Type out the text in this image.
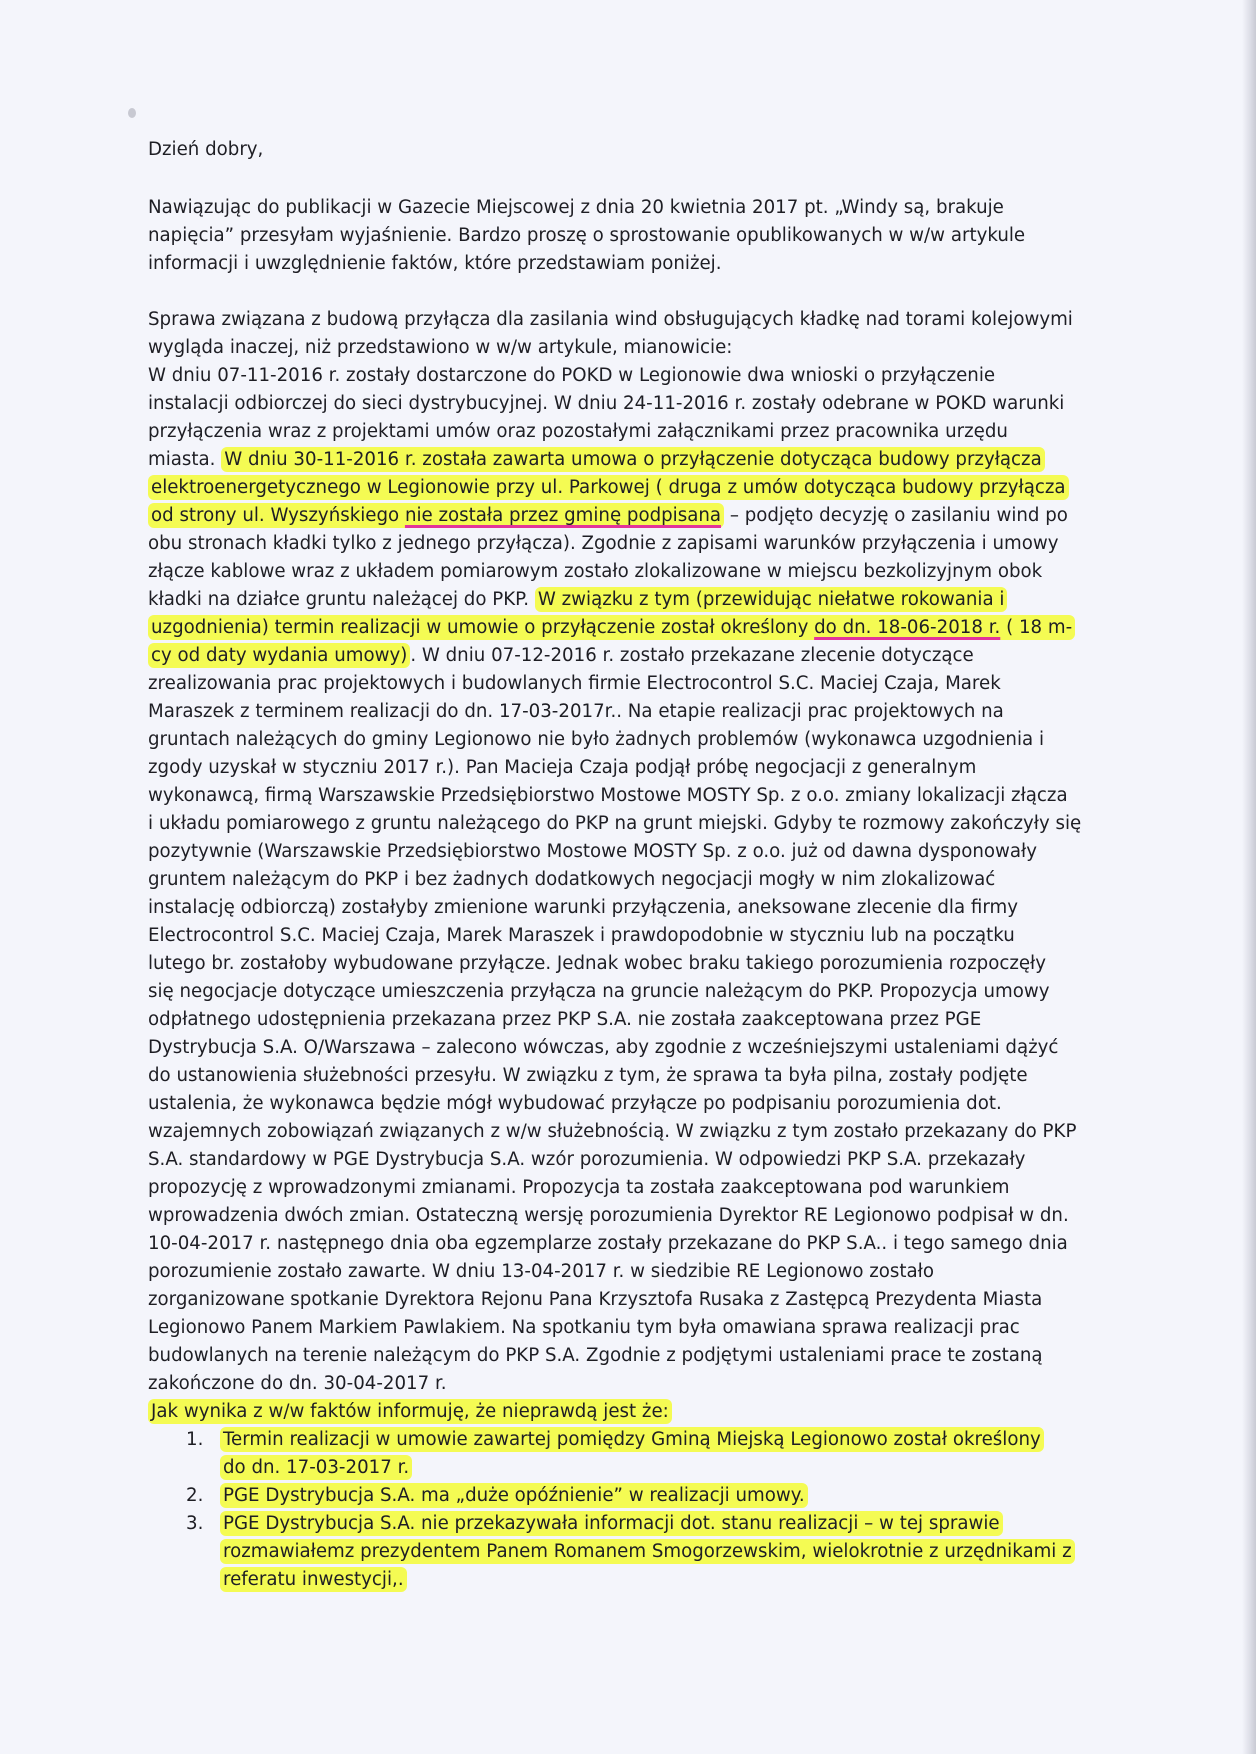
Dzień dobry,
Nawiązując do publikacji w Gazecie Miejscowej z dnia 20 kwietnia 2017 pt. „Windy są, brakuje
napięcia” przesyłam wyjaśnienie. Bardzo proszę o sprostowanie opublikowanych w w/w artykule
informacji i uwzględnienie faktów, które przedstawiam poniżej.
Sprawa związana z budową przyłącza dla zasilania wind obsługujących kładkę nad torami kolejowymi
wygląda inaczej, niż przedstawiono w w/w artykule, mianowicie:
W dniu 07-11-2016 r. zostały dostarczone do POKD w Legionowie dwa wnioski o przyłączenie
instalacji odbiorczej do sieci dystrybucyjnej. W dniu 24-11-2016 r. zostały odebrane w POKD warunki
przyłączenia wraz z projektami umów oraz pozostałymi załącznikami przez pracownika urzędu
miasta. W dniu 30-11-2016 r. została zawarta umowa o przyłączenie dotycząca budowy przyłącza
elektroenergetycznego w Legionowie przy ul. Parkowej ( druga z umów dotycząca budowy przyłącza
od strony ul. Wyszyńskiego nie została przez gminę podpisana – podjęto decyzję o zasilaniu wind po
obu stronach kładki tylko z jednego przyłącza). Zgodnie z zapisami warunków przyłączenia i umowy
złącze kablowe wraz z układem pomiarowym zostało zlokalizowane w miejscu bezkolizyjnym obok
kładki na działce gruntu należącej do PKP. W związku z tym (przewidując niełatwe rokowania i
uzgodnienia) termin realizacji w umowie o przyłączenie został określony do dn. 18-06-2018 r. ( 18 m-
cy od daty wydania umowy) . W dniu 07-12-2016 r. zostało przekazane zlecenie dotyczące
zrealizowania prac projektowych i budowlanych firmie Electrocontrol S.C. Maciej Czaja, Marek
Maraszek z terminem realizacji do dn. 17-03-2017r.. Na etapie realizacji prac projektowych na
gruntach należących do gminy Legionowo nie było żadnych problemów (wykonawca uzgodnienia i
zgody uzyskał w styczniu 2017 r.). Pan Macieja Czaja podjął próbę negocjacji z generalnym
wykonawcą, firmą Warszawskie Przedsiębiorstwo Mostowe MOSTY Sp. z o.o. zmiany lokalizacji złącza
i układu pomiarowego z gruntu należącego do PKP na grunt miejski. Gdyby te rozmowy zakończyły się
pozytywnie (Warszawskie Przedsiębiorstwo Mostowe MOSTY Sp. z o.o. już od dawna dysponowały
gruntem należącym do PKP i bez żadnych dodatkowych negocjacji mogły w nim zlokalizować
instalację odbiorczą) zostałyby zmienione warunki przyłączenia, aneksowane zlecenie dla firmy
Electrocontrol S.C. Maciej Czaja, Marek Maraszek i prawdopodobnie w styczniu lub na początku
lutego br. zostałoby wybudowane przyłącze. Jednak wobec braku takiego porozumienia rozpoczęły
się negocjacje dotyczące umieszczenia przyłącza na gruncie należącym do PKP. Propozycja umowy
odpłatnego udostępnienia przekazana przez PKP S.A. nie została zaakceptowana przez PGE
Dystrybucja S.A. O/Warszawa – zalecono wówczas, aby zgodnie z wcześniejszymi ustaleniami dążyć
do ustanowienia służebności przesyłu. W związku z tym, że sprawa ta była pilna, zostały podjęte
ustalenia, że wykonawca będzie mógł wybudować przyłącze po podpisaniu porozumienia dot.
wzajemnych zobowiązań związanych z w/w służebnością. W związku z tym zostało przekazany do PKP
S.A. standardowy w PGE Dystrybucja S.A. wzór porozumienia. W odpowiedzi PKP S.A. przekazały
propozycję z wprowadzonymi zmianami. Propozycja ta została zaakceptowana pod warunkiem
wprowadzenia dwóch zmian. Ostateczną wersję porozumienia Dyrektor RE Legionowo podpisał w dn.
10-04-2017 r. następnego dnia oba egzemplarze zostały przekazane do PKP S.A.. i tego samego dnia
porozumienie zostało zawarte. W dniu 13-04-2017 r. w siedzibie RE Legionowo zostało
zorganizowane spotkanie Dyrektora Rejonu Pana Krzysztofa Rusaka z Zastępcą Prezydenta Miasta
Legionowo Panem Markiem Pawlakiem. Na spotkaniu tym była omawiana sprawa realizacji prac
budowlanych na terenie należącym do PKP S.A. Zgodnie z podjętymi ustaleniami prace te zostaną
zakończone do dn. 30-04-2017 r.
Jak wynika z w/w faktów informuję, że nieprawdą jest że:
1. Termin realizacji w umowie zawartej pomiędzy Gminą Miejską Legionowo został określony
do dn. 17-03-2017 r.
2. PGE Dystrybucja S.A. ma „duże opóźnienie” w realizacji umowy.
3. PGE Dystrybucja S.A. nie przekazywała informacji dot. stanu realizacji – w tej sprawie
rozmawiałemz prezydentem Panem Romanem Smogorzewskim, wielokrotnie z urzędnikami z
referatu inwestycji,.
